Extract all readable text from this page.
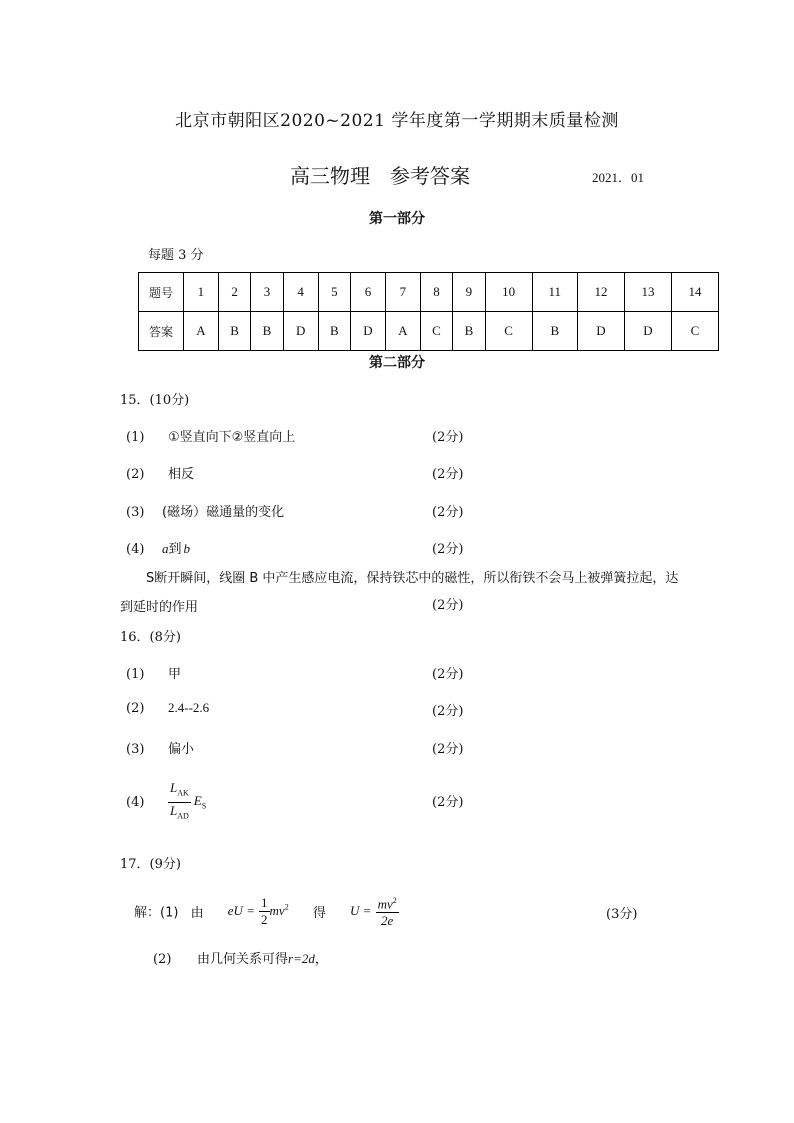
北京市朝阳区2020~2021 学年度第一学期期末质量检测
高三物理　参考答案	2021．01
第一部分
每题 3 分
题号	1	2	3	4	5	6	7	8	9	10	11	12	13	14
答案	A	B	B	D	B	D	A	C	B	C	B	D	D	C
第二部分
15．(10分)
(1) ①竖直向下②竖直向上	(2分)
(2) 相反	(2分)
(3) (磁场）磁通量的变化	(2分)
(4) a到 b	(2分)
S断开瞬间，线圈 B 中产生感应电流，保持铁芯中的磁性，所以衔铁不会马上被弹簧拉起，达到延时的作用	(2分)
16．(8分)
(1) 甲	(2分)
(2) 2.4--2.6	(2分)
(3) 偏小	(2分)
$(4) \frac{L_{AK}}{L_{AD}} E_S$	(2分)
17．(9分)
解：(1) 由 eU = $\frac{1}{2} mv^2$ 得 $U = \frac{mv^2}{2e}$	(3分)
(2) 由几何关系可得r=2d，
